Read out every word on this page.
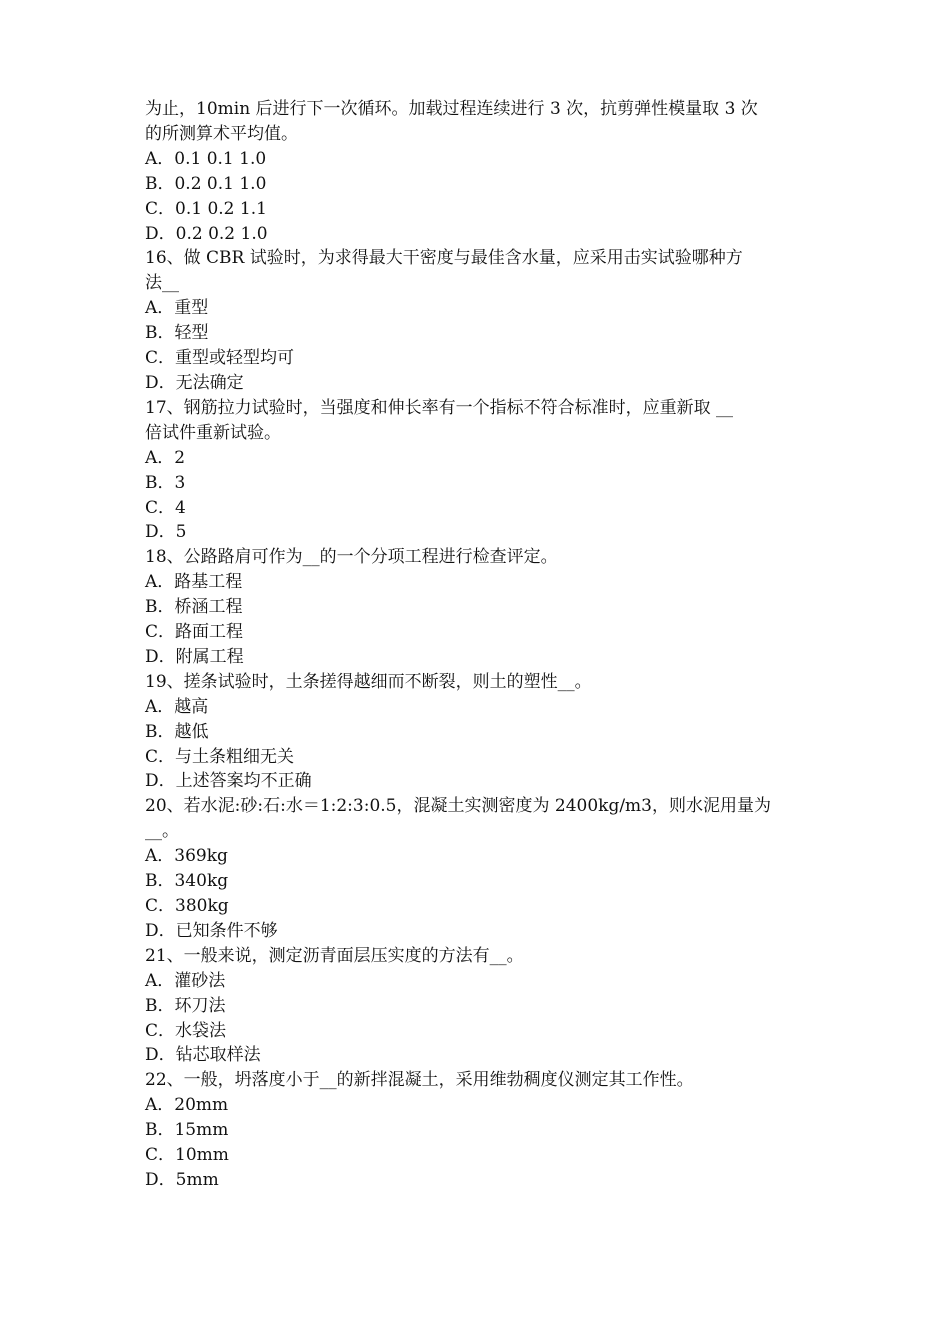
为止，10min 后进行下一次循环。加载过程连续进行 3 次，抗剪弹性模量取 3 次
的所测算术平均值。
A．0.1 0.1 1.0
B．0.2 0.1 1.0
C．0.1 0.2 1.1
D．0.2 0.2 1.0
16、做 CBR 试验时，为求得最大干密度与最佳含水量，应采用击实试验哪种方
法__
A．重型
B．轻型
C．重型或轻型均可
D．无法确定
17、钢筋拉力试验时，当强度和伸长率有一个指标不符合标准时，应重新取 __
倍试件重新试验。
A．2
B．3
C．4
D．5
18、公路路肩可作为__的一个分项工程进行检查评定。
A．路基工程
B．桥涵工程
C．路面工程
D．附属工程
19、搓条试验时，土条搓得越细而不断裂，则土的塑性__。
A．越高
B．越低
C．与土条粗细无关
D．上述答案均不正确
20、若水泥:砂:石:水＝1:2:3:0.5，混凝土实测密度为 2400kg/m3，则水泥用量为
__。
A．369kg
B．340kg
C．380kg
D．已知条件不够
21、一般来说，测定沥青面层压实度的方法有__。
A．灌砂法
B．环刀法
C．水袋法
D．钻芯取样法
22、一般，坍落度小于__的新拌混凝土，采用维勃稠度仪测定其工作性。
A．20mm
B．15mm
C．10mm
D．5mm
